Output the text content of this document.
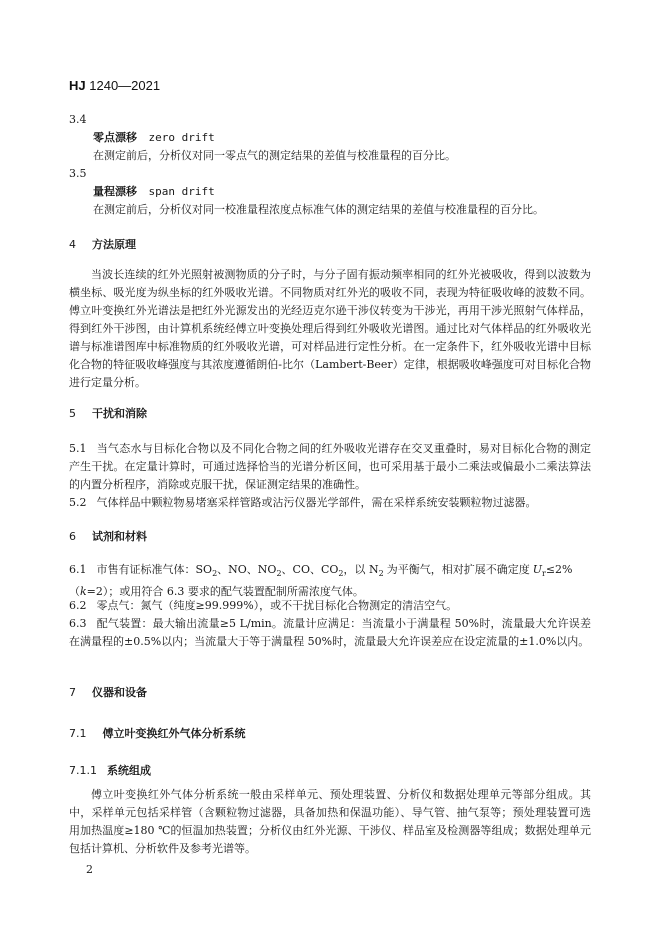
HJ 1240—2021
3.4
零点漂移 zero drift
在测定前后，分析仪对同一零点气的测定结果的差值与校准量程的百分比。
3.5
量程漂移 span drift
在测定前后，分析仪对同一校准量程浓度点标准气体的测定结果的差值与校准量程的百分比。
4 方法原理
当波长连续的红外光照射被测物质的分子时，与分子固有振动频率相同的红外光被吸收，得到以波数为横坐标、吸光度为纵坐标的红外吸收光谱。不同物质对红外光的吸收不同，表现为特征吸收峰的波数不同。傅立叶变换红外光谱法是把红外光源发出的光经迈克尔逊干涉仪转变为干涉光，再用干涉光照射气体样品，得到红外干涉图，由计算机系统经傅立叶变换处理后得到红外吸收光谱图。通过比对气体样品的红外吸收光谱与标准谱图库中标准物质的红外吸收光谱，可对样品进行定性分析。在一定条件下，红外吸收光谱中目标化合物的特征吸收峰强度与其浓度遵循朗伯-比尔（Lambert-Beer）定律，根据吸收峰强度可对目标化合物进行定量分析。
5 干扰和消除
5.1 当气态水与目标化合物以及不同化合物之间的红外吸收光谱存在交叉重叠时，易对目标化合物的测定产生干扰。在定量计算时，可通过选择恰当的光谱分析区间，也可采用基于最小二乘法或偏最小二乘法算法的内置分析程序，消除或克服干扰，保证测定结果的准确性。
5.2 气体样品中颗粒物易堵塞采样管路或沾污仪器光学部件，需在采样系统安装颗粒物过滤器。
6 试剂和材料
6.1 市售有证标准气体：$SO_2$、NO、$NO_2$、CO、$CO_2$，以 $N_2$ 为平衡气，相对扩展不确定度 $U_r\le 2\%$
（k=2）；或用符合 6.3 要求的配气装置配制所需浓度气体。
6.2 零点气：氮气（纯度≥99.999%），或不干扰目标化合物测定的清洁空气。
6.3 配气装置：最大输出流量≥5 L/min。流量计应满足：当流量小于满量程 50%时，流量最大允许误差在满量程的±0.5%以内；当流量大于等于满量程 50%时，流量最大允许误差应在设定流量的±1.0%以内。
7 仪器和设备
7.1 傅立叶变换红外气体分析系统
7.1.1 系统组成
傅立叶变换红外气体分析系统一般由采样单元、预处理装置、分析仪和数据处理单元等部分组成。其中，采样单元包括采样管（含颗粒物过滤器，具备加热和保温功能）、导气管、抽气泵等；预处理装置可选用加热温度≥180 ℃的恒温加热装置；分析仪由红外光源、干涉仪、样品室及检测器等组成；数据处理单元包括计算机、分析软件及参考光谱等。
2
